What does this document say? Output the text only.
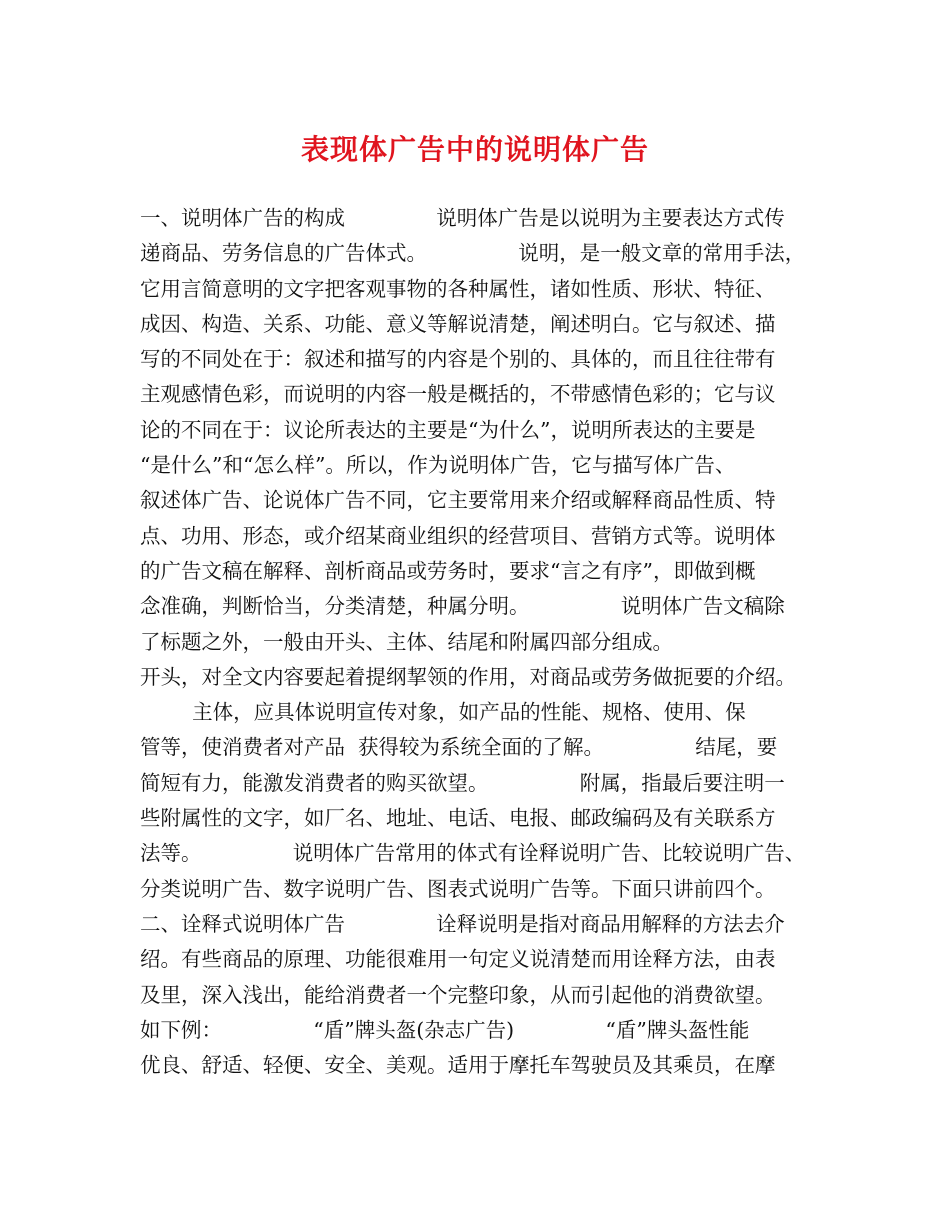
表现体广告中的说明体广告
一、说明体广告的构成              说明体广告是以说明为主要表达方式传
递商品、劳务信息的广告体式。              说明，是一般文章的常用手法，
它用言简意明的文字把客观事物的各种属性，诸如性质、形状、特征、
成因、构造、关系、功能、意义等解说清楚，阐述明白。它与叙述、描
写的不同处在于：叙述和描写的内容是个别的、具体的，而且往往带有
主观感情色彩，而说明的内容一般是概括的，不带感情色彩的；它与议
论的不同在于：议论所表达的主要是“为什么”，说明所表达的主要是
“是什么”和“怎么样”。所以，作为说明体广告，它与描写体广告、
叙述体广告、论说体广告不同，它主要常用来介绍或解释商品性质、特
点、功用、形态，或介绍某商业组织的经营项目、营销方式等。说明体
的广告文稿在解释、剖析商品或劳务时，要求“言之有序”，即做到概
念准确，判断恰当，分类清楚，种属分明。              说明体广告文稿除
了标题之外，一般由开头、主体、结尾和附属四部分组成。
开头，对全文内容要起着提纲挈领的作用，对商品或劳务做扼要的介绍。
主体，应具体说明宣传对象，如产品的性能、规格、使用、保
管等，使消费者对产品  获得较为系统全面的了解。              结尾，要
简短有力，能激发消费者的购买欲望。              附属，指最后要注明一
些附属性的文字，如厂名、地址、电话、电报、邮政编码及有关联系方
法等。              说明体广告常用的体式有诠释说明广告、比较说明广告、
分类说明广告、数字说明广告、图表式说明广告等。下面只讲前四个。
二、诠释式说明体广告              诠释说明是指对商品用解释的方法去介
绍。有些商品的原理、功能很难用一句定义说清楚而用诠释方法，由表
及里，深入浅出，能给消费者一个完整印象，从而引起他的消费欲望。
如下例：              “盾”牌头盔(杂志广告)              “盾”牌头盔性能
优良、舒适、轻便、安全、美观。适用于摩托车驾驶员及其乘员，在摩
